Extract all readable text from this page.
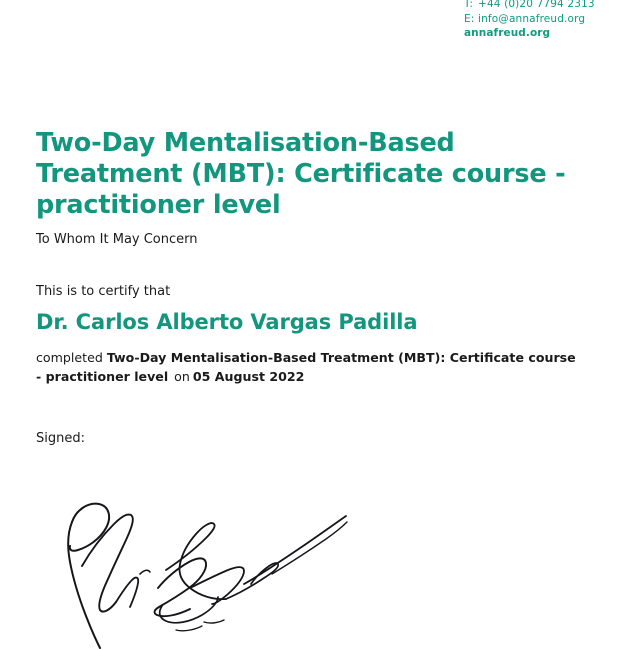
T: +44 (0)20 7794 2313
E: info@annafreud.org
annafreud.org
Two-Day Mentalisation-Based Treatment (MBT): Certificate course - practitioner level
To Whom It May Concern
This is to certify that
Dr. Carlos Alberto Vargas Padilla
completed Two-Day Mentalisation-Based Treatment (MBT): Certificate course - practitioner level on 05 August 2022
Signed:
